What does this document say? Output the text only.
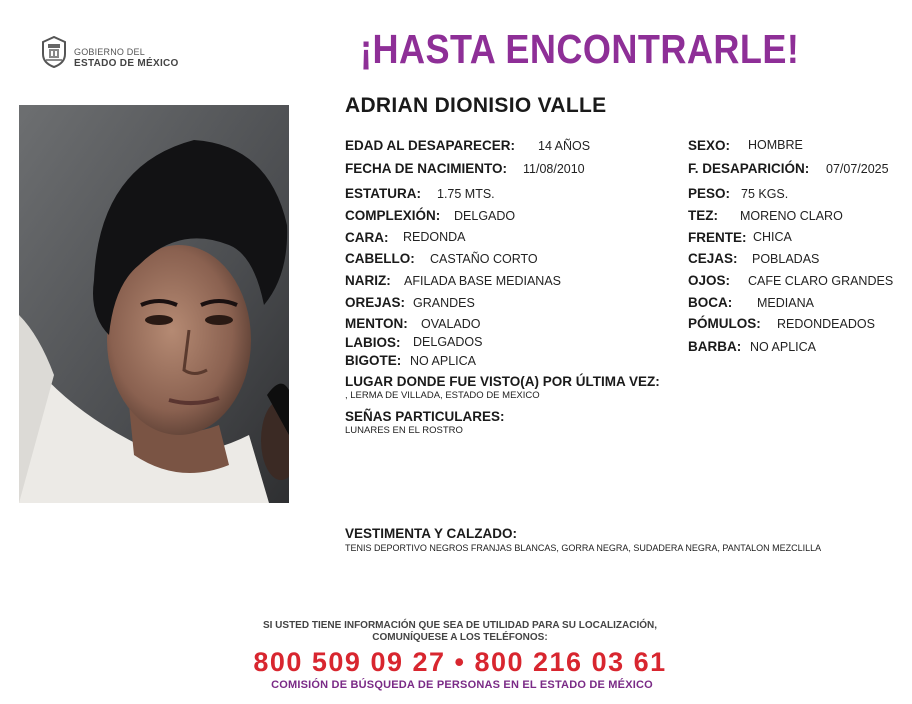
GOBIERNO DEL
ESTADO DE MÉXICO	¡HASTA ENCONTRARLE!
ADRIAN DIONISIO VALLE
EDAD AL DESAPARECER: 14 AÑOS
FECHA DE NACIMIENTO: 11/08/2010
ESTATURA: 1.75 MTS.
COMPLEXIÓN: DELGADO
CARA: REDONDA
CABELLO: CASTAÑO CORTO
NARIZ: AFILADA BASE MEDIANAS
OREJAS: GRANDES
MENTON: OVALADO
LABIOS: DELGADOS
BIGOTE: NO APLICA
SEXO: HOMBRE
F. DESAPARICIÓN: 07/07/2025
PESO: 75 KGS.
TEZ: MORENO CLARO
FRENTE: CHICA
CEJAS: POBLADAS
OJOS: CAFE CLARO GRANDES
BOCA: MEDIANA
PÓMULOS: REDONDEADOS
BARBA: NO APLICA
LUGAR DONDE FUE VISTO(A) POR ÚLTIMA VEZ:
, LERMA DE VILLADA, ESTADO DE MEXICO
SEÑAS PARTICULARES:
LUNARES EN EL ROSTRO
VESTIMENTA Y CALZADO:
TENIS DEPORTIVO NEGROS FRANJAS BLANCAS, GORRA NEGRA, SUDADERA NEGRA, PANTALON MEZCLILLA
SI USTED TIENE INFORMACIÓN QUE SEA DE UTILIDAD PARA SU LOCALIZACIÓN,
COMUNÍQUESE A LOS TELÉFONOS:
800 509 09 27 • 800 216 03 61
COMISIÓN DE BÚSQUEDA DE PERSONAS EN EL ESTADO DE MÉXICO
